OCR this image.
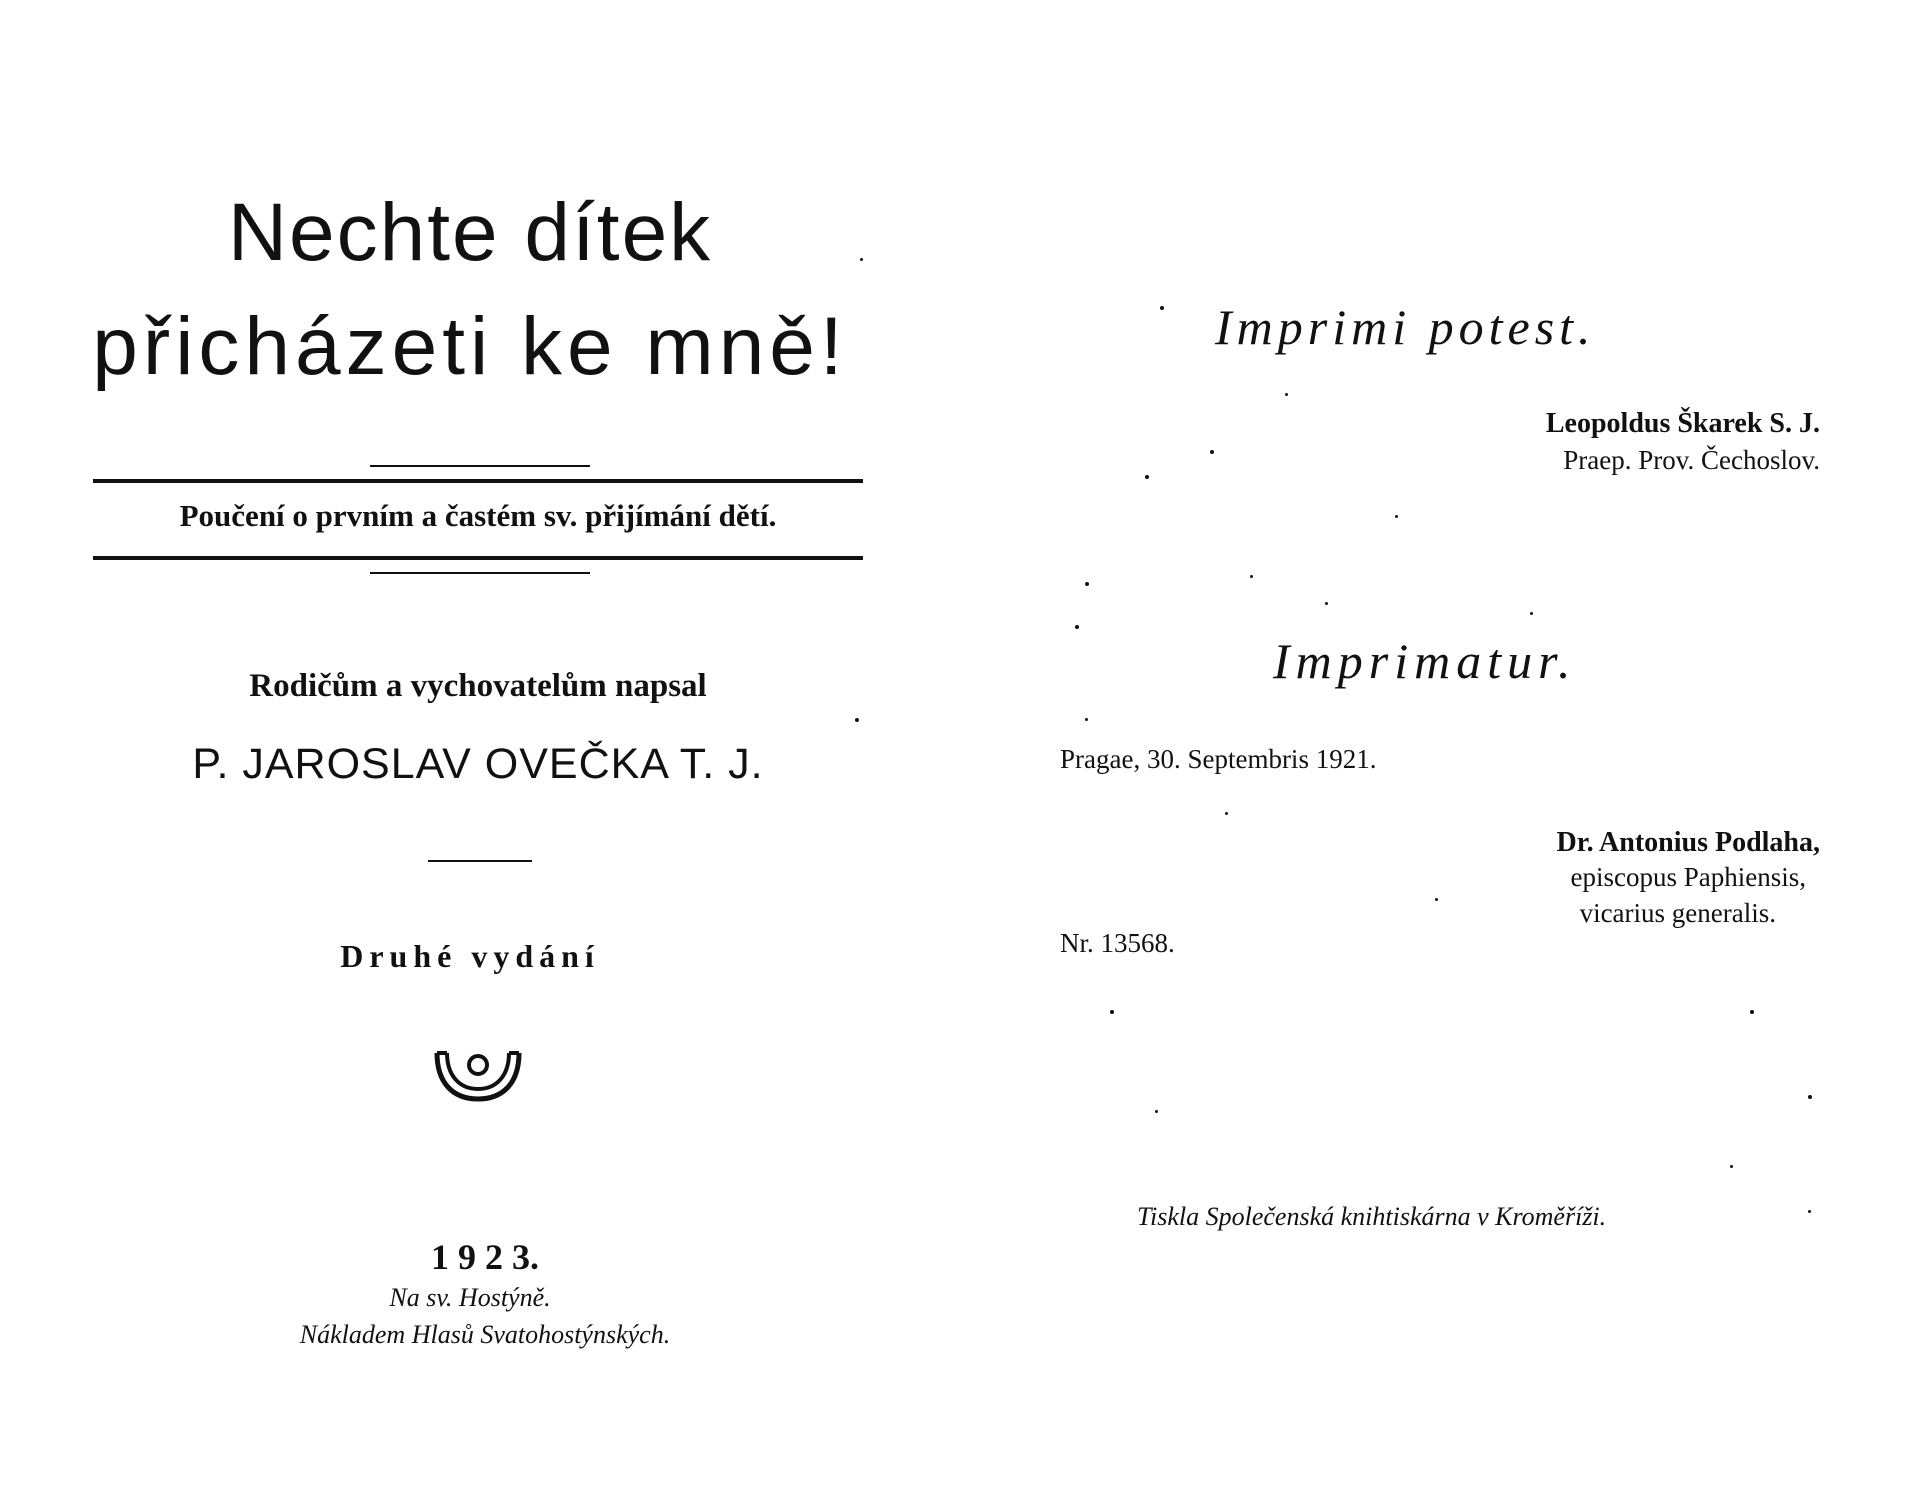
Nechte dítek
přicházeti ke mně!
Poučení o prvním a častém sv. přijímání dětí.
Rodičům a vychovatelům napsal
P. JAROSLAV OVEČKA T. J.
Druhé vydání
1 9 2 3.
Na sv. Hostýně.
Nákladem Hlasů Svatohostýnských.
Imprimi potest.
Leopoldus Škarek S. J.
Praep. Prov. Čechoslov.
Imprimatur.
Pragae, 30. Septembris 1921.
Dr. Antonius Podlaha,
episcopus Paphiensis,
vicarius generalis.
Nr. 13568.
Tiskla Společenská knihtiskárna v Kroměříži.
